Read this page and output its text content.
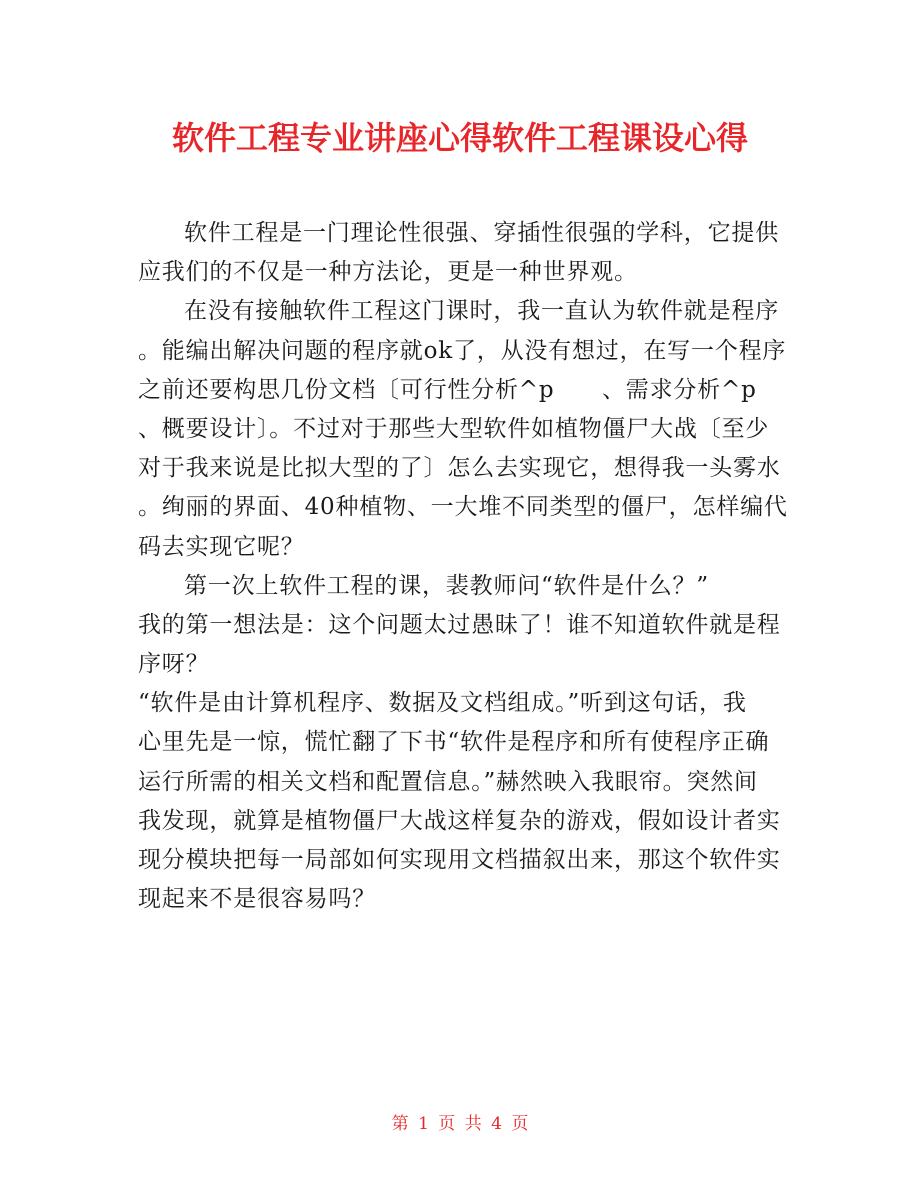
软件工程专业讲座心得软件工程课设心得
软件工程是一门理论性很强、穿插性很强的学科，它提供
应我们的不仅是一种方法论，更是一种世界观。
在没有接触软件工程这门课时，我一直认为软件就是程序
。能编出解决问题的程序就ok了，从没有想过，在写一个程序
之前还要构思几份文档〔可行性分析^p　　、需求分析^p
、概要设计〕。不过对于那些大型软件如植物僵尸大战〔至少
对于我来说是比拟大型的了〕怎么去实现它，想得我一头雾水
。绚丽的界面、40种植物、一大堆不同类型的僵尸，怎样编代
码去实现它呢？
第一次上软件工程的课，裴教师问“软件是什么？”
我的第一想法是：这个问题太过愚昧了！谁不知道软件就是程
序呀？
“软件是由计算机程序、数据及文档组成。”听到这句话，我
心里先是一惊，慌忙翻了下书“软件是程序和所有使程序正确
运行所需的相关文档和配置信息。”赫然映入我眼帘。突然间
我发现，就算是植物僵尸大战这样复杂的游戏，假如设计者实
现分模块把每一局部如何实现用文档描叙出来，那这个软件实
现起来不是很容易吗？
第 1 页 共 4 页
